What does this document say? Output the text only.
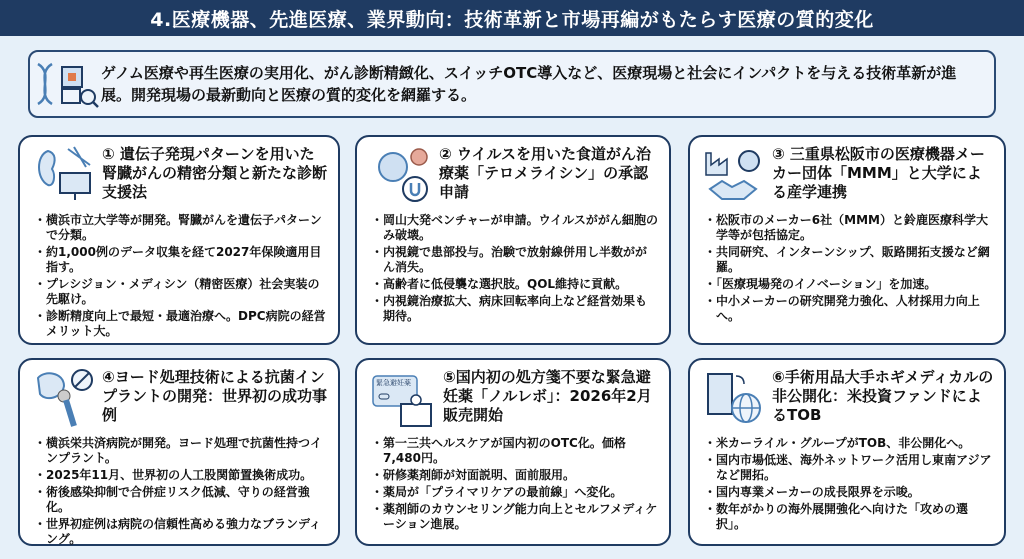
4.医療機器、先進医療、業界動向：技術革新と市場再編がもたらす医療の質的変化

ゲノム医療や再生医療の実用化、がん診断精緻化、スイッチOTC導入など、医療現場と社会にインパクトを与える技術革新が進展。開発現場の最新動向と医療の質的変化を網羅する。

① 遺伝子発現パターンを用いた腎臓がんの精密分類と新たな診断支援法
・ 横浜市立大学等が開発。腎臓がんを遺伝子パターンで分類。
・ 約1,000例のデータ収集を経て2027年保険適用目指す。
・ プレシジョン・メディシン（精密医療）社会実装の先駆け。
・ 診断精度向上で最短・最適治療へ。DPC病院の経営メリット大。
② ウイルスを用いた食道がん治療薬「テロメライシン」の承認申請
・ 岡山大発ベンチャーが申請。ウイルスががん細胞のみ破壊。
・ 内視鏡で患部投与。治験で放射線併用し半数ががん消失。
・ 高齢者に低侵襲な選択肢。QOL維持に貢献。
・ 内視鏡治療拡大、病床回転率向上など経営効果も期待。
③ 三重県松阪市の医療機器メーカー団体「MMM」と大学による産学連携
・ 松阪市のメーカー6社（MMM）と鈴鹿医療科学大学等が包括協定。
・ 共同研究、インターンシップ、販路開拓支援など網羅。
・ 「医療現場発のイノベーション」を加速。
・ 中小メーカーの研究開発力強化、人材採用力向上へ。
④ヨード処理技術による抗菌インプラントの開発：世界初の成功事例
・ 横浜栄共済病院が開発。ヨード処理で抗菌性持つインプラント。
・ 2025年11月、世界初の人工股関節置換術成功。
・ 術後感染抑制で合併症リスク低減、守りの経営強化。
・ 世界初症例は病院の信頼性高める強力なブランディング。
緊急避妊薬 ⑤国内初の処方箋不要な緊急避妊薬「ノルレボ」：2026年2月販売開始
・ 第一三共ヘルスケアが国内初のOTC化。価格7,480円。
・ 研修薬剤師が対面説明、面前服用。
・ 薬局が「プライマリケアの最前線」へ変化。
・ 薬剤師のカウンセリング能力向上とセルフメディケーション進展。
⑥手術用品大手ホギメディカルの非公開化：米投資ファンドによるTOB
・ 米カーライル・グループがTOB、非公開化へ。
・ 国内市場低迷、海外ネットワーク活用し東南アジアなど開拓。
・ 国内専業メーカーの成長限界を示唆。
・ 数年がかりの海外展開強化へ向けた「攻めの選択」。
